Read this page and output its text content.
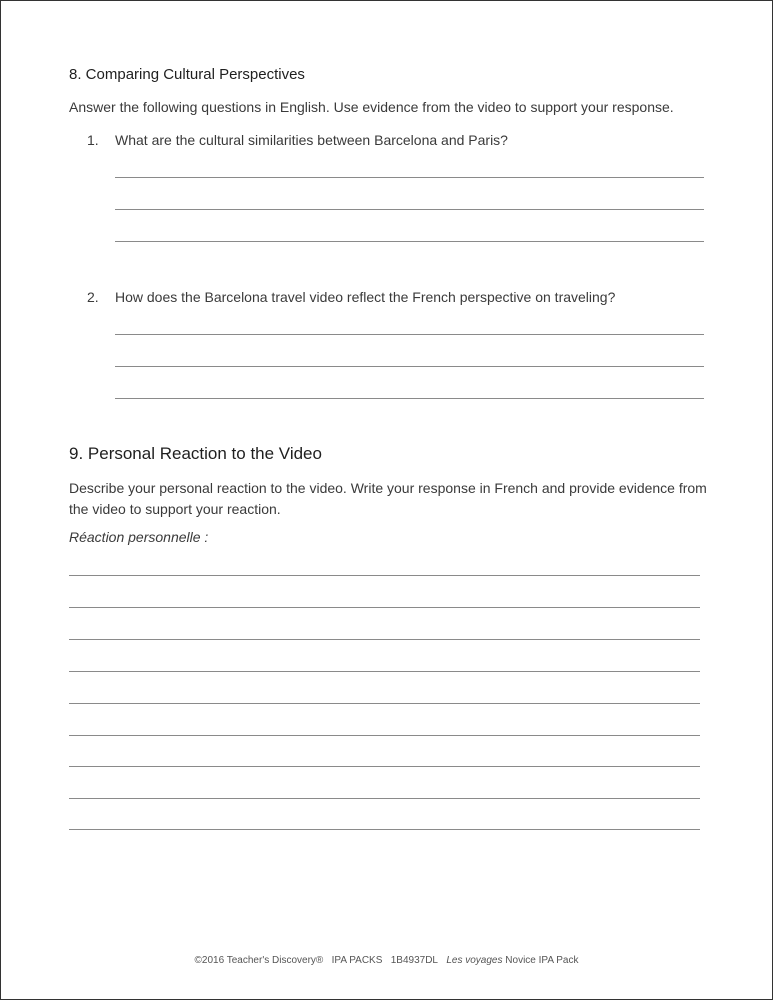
8. Comparing Cultural Perspectives
Answer the following questions in English. Use evidence from the video to support your response.
1. What are the cultural similarities between Barcelona and Paris?
2. How does the Barcelona travel video reflect the French perspective on traveling?
9. Personal Reaction to the Video
Describe your personal reaction to the video. Write your response in French and provide evidence from the video to support your reaction.
Réaction personnelle :
©2016 Teacher's Discovery® IPA PACKS 1B4937DL Les voyages Novice IPA Pack
